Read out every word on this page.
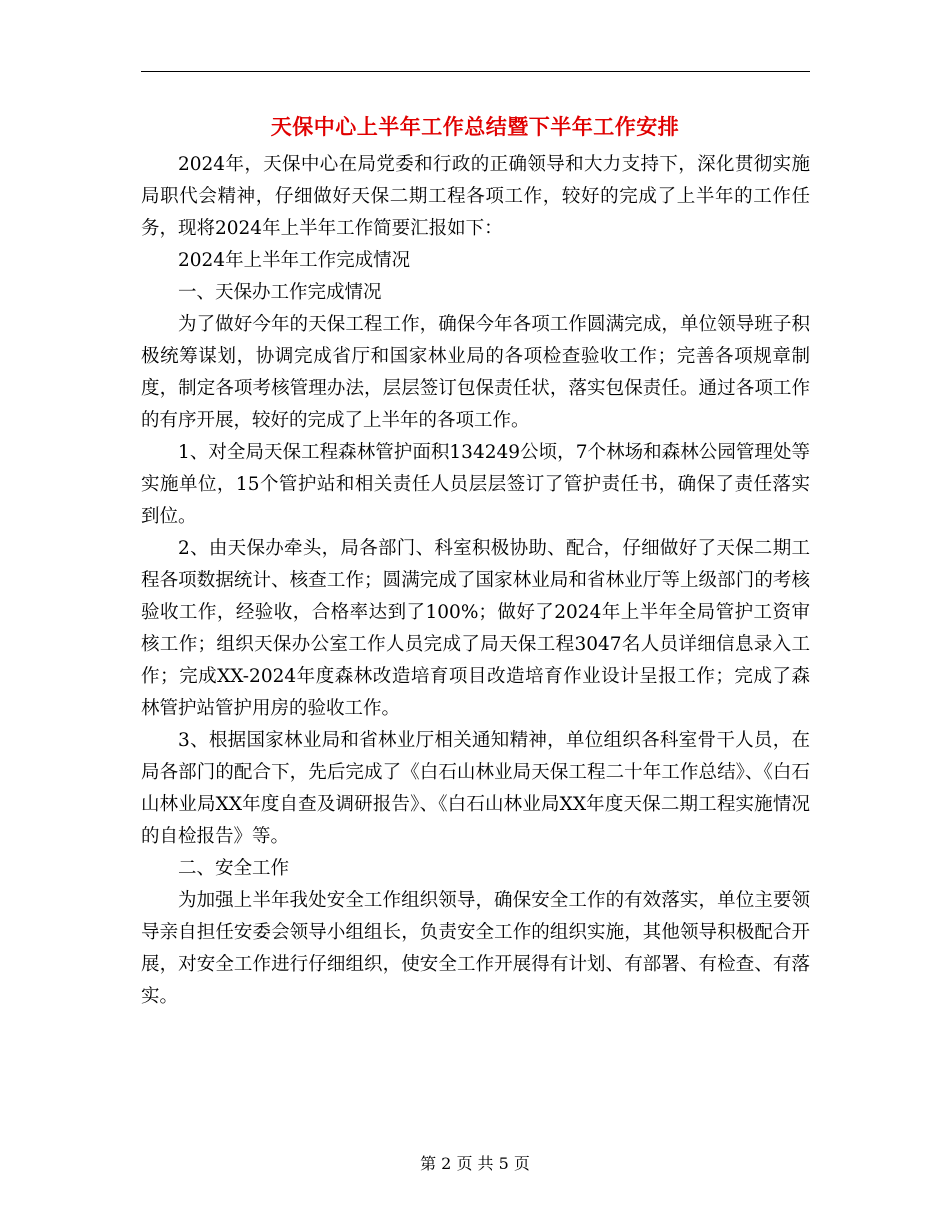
天保中心上半年工作总结暨下半年工作安排

2024年，天保中心在局党委和行政的正确领导和大力支持下，深化贯彻实施局职代会精神，仔细做好天保二期工程各项工作，较好的完成了上半年的工作任务，现将2024年上半年工作简要汇报如下：

2024年上半年工作完成情况

一、天保办工作完成情况

为了做好今年的天保工程工作，确保今年各项工作圆满完成，单位领导班子积极统筹谋划，协调完成省厅和国家林业局的各项检查验收工作；完善各项规章制度，制定各项考核管理办法，层层签订包保责任状，落实包保责任。通过各项工作的有序开展，较好的完成了上半年的各项工作。

1、对全局天保工程森林管护面积134249公顷，7个林场和森林公园管理处等实施单位，15个管护站和相关责任人员层层签订了管护责任书，确保了责任落实到位。

2、由天保办牵头，局各部门、科室积极协助、配合，仔细做好了天保二期工程各项数据统计、核查工作；圆满完成了国家林业局和省林业厅等上级部门的考核验收工作，经验收，合格率达到了100%；做好了2024年上半年全局管护工资审核工作；组织天保办公室工作人员完成了局天保工程3047名人员详细信息录入工作；完成XX-2024年度森林改造培育项目改造培育作业设计呈报工作；完成了森林管护站管护用房的验收工作。

3、根据国家林业局和省林业厅相关通知精神，单位组织各科室骨干人员，在局各部门的配合下，先后完成了《白石山林业局天保工程二十年工作总结》、《白石山林业局XX年度自查及调研报告》、《白石山林业局XX年度天保二期工程实施情况的自检报告》等。

二、安全工作

为加强上半年我处安全工作组织领导，确保安全工作的有效落实，单位主要领导亲自担任安委会领导小组组长，负责安全工作的组织实施，其他领导积极配合开展，对安全工作进行仔细组织，使安全工作开展得有计划、有部署、有检查、有落实。

第 2 页 共 5 页
